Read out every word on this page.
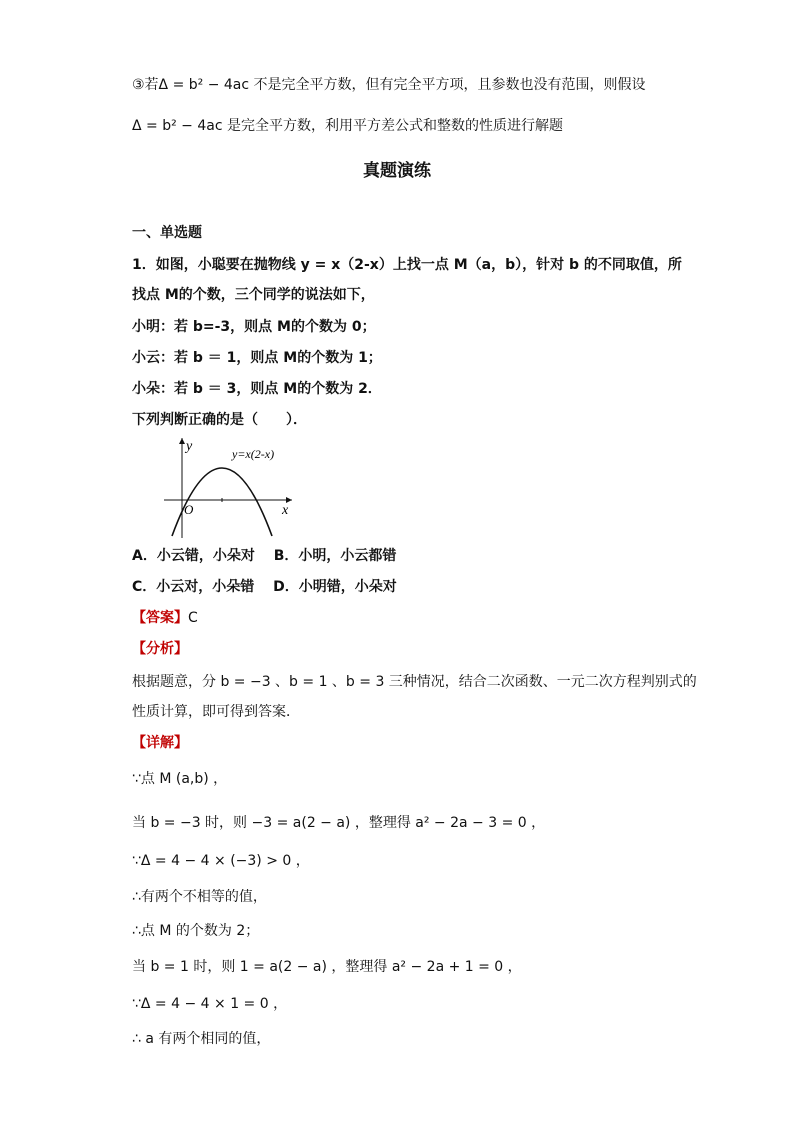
③若Δ = b² − 4ac 不是完全平方数，但有完全平方项，且参数也没有范围，则假设
Δ = b² − 4ac 是完全平方数，利用平方差公式和整数的性质进行解题
真题演练
一、单选题
1．如图，小聪要在抛物线 y = x（2-x）上找一点 M（a，b），针对 b 的不同取值，所
找点 M的个数，三个同学的说法如下，
小明：若 b=-3，则点 M的个数为 0；
小云：若 b ＝ 1，则点 M的个数为 1；
小朵：若 b ＝ 3，则点 M的个数为 2．
下列判断正确的是（　　）．
y
x
O
y=x(2-x)
A．小云错，小朵对　 B．小明，小云都错
C．小云对，小朵错　 D．小明错，小朵对
【答案】C
【分析】
根据题意，分 b = −3 、b = 1 、b = 3 三种情况，结合二次函数、一元二次方程判别式的
性质计算，即可得到答案．
【详解】
∵点 M (a,b) ，
当 b = −3 时，则 −3 = a(2 − a) ，整理得 a² − 2a − 3 = 0 ，
∵Δ = 4 − 4 × (−3) > 0 ，
∴有两个不相等的值，
∴点 M 的个数为 2；
当 b = 1 时，则 1 = a(2 − a) ，整理得 a² − 2a + 1 = 0 ，
∵Δ = 4 − 4 × 1 = 0 ，
∴ a 有两个相同的值，
